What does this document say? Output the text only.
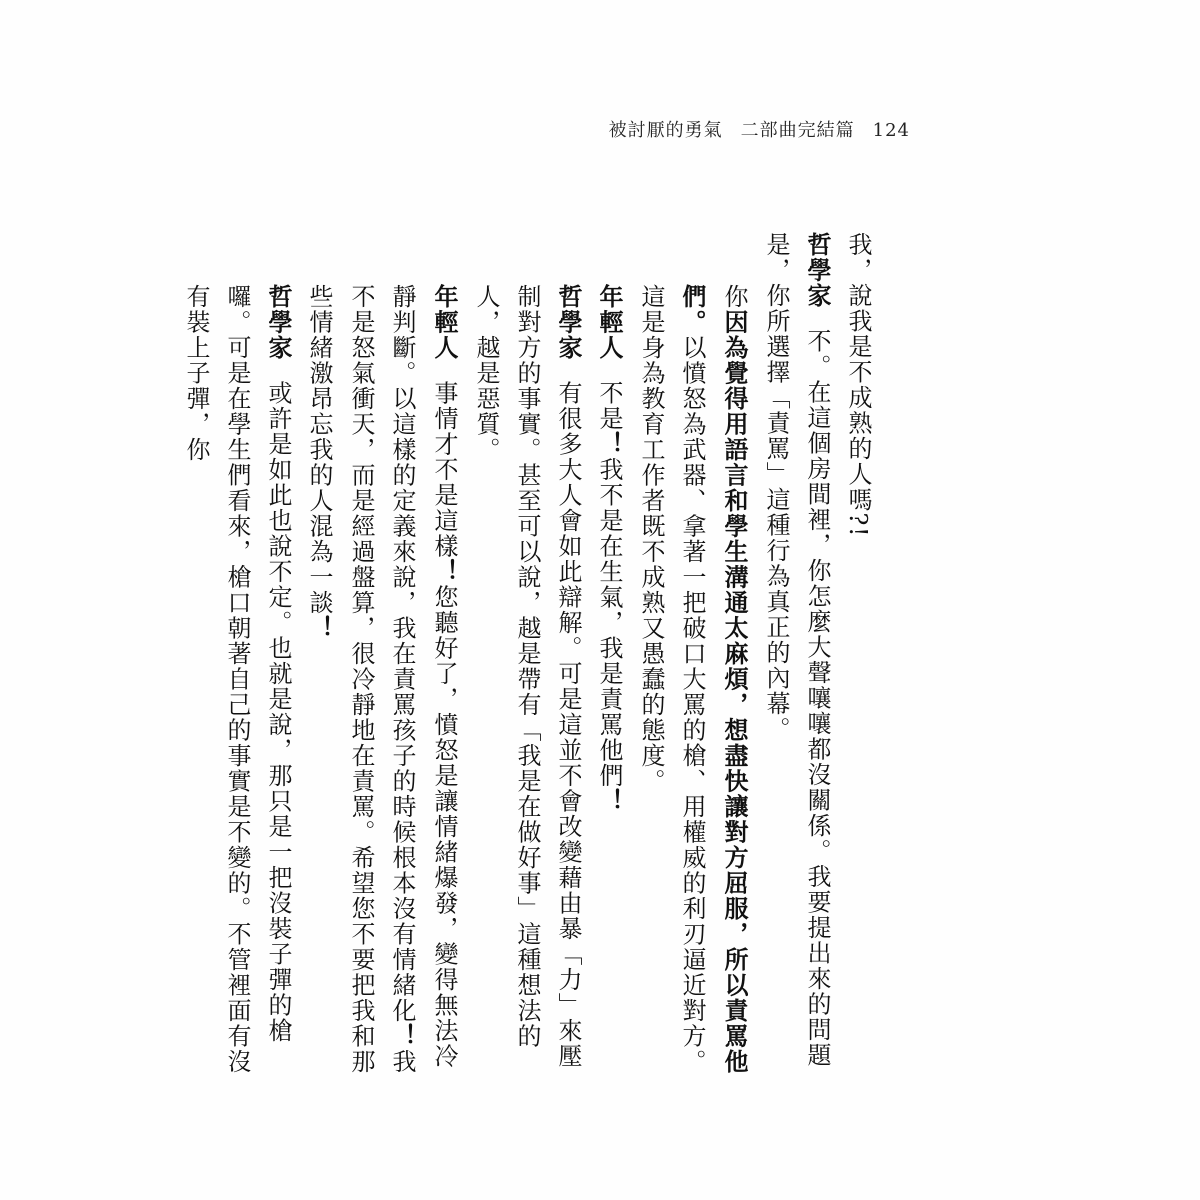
被討厭的勇氣 二部曲完結篇 124

我，說我是不成熟的人嗎?!

哲學家不。在這個房間裡，你怎麼大聲嚷嚷都沒關係。我要提出來的問題是，你所選擇「責罵」這種行為真正的內幕。

你因為覺得用語言和學生溝通太麻煩，想盡快讓對方屈服，所以責罵他們。以憤怒為武器、拿著一把破口大罵的槍、用權威的利刃逼近對方。這是身為教育工作者既不成熟又愚蠢的態度。

年輕人不是！我不是在生氣，我是責罵他們！

哲學家有很多大人會如此辯解。可是這並不會改變藉由暴「力」來壓制對方的事實。甚至可以說，越是帶有「我是在做好事」這種想法的人，越是惡質。

年輕人事情才不是這樣！您聽好了，憤怒是讓情緒爆發，變得無法冷靜判斷。以這樣的定義來說，我在責罵孩子的時候根本沒有情緒化！我不是怒氣衝天，而是經過盤算，很冷靜地在責罵。希望您不要把我和那些情緒激昂忘我的人混為一談！

哲學家或許是如此也說不定。也就是說，那只是一把沒裝子彈的槍囉。可是在學生們看來，槍口朝著自己的事實是不變的。不管裡面有沒有裝上子彈，你
